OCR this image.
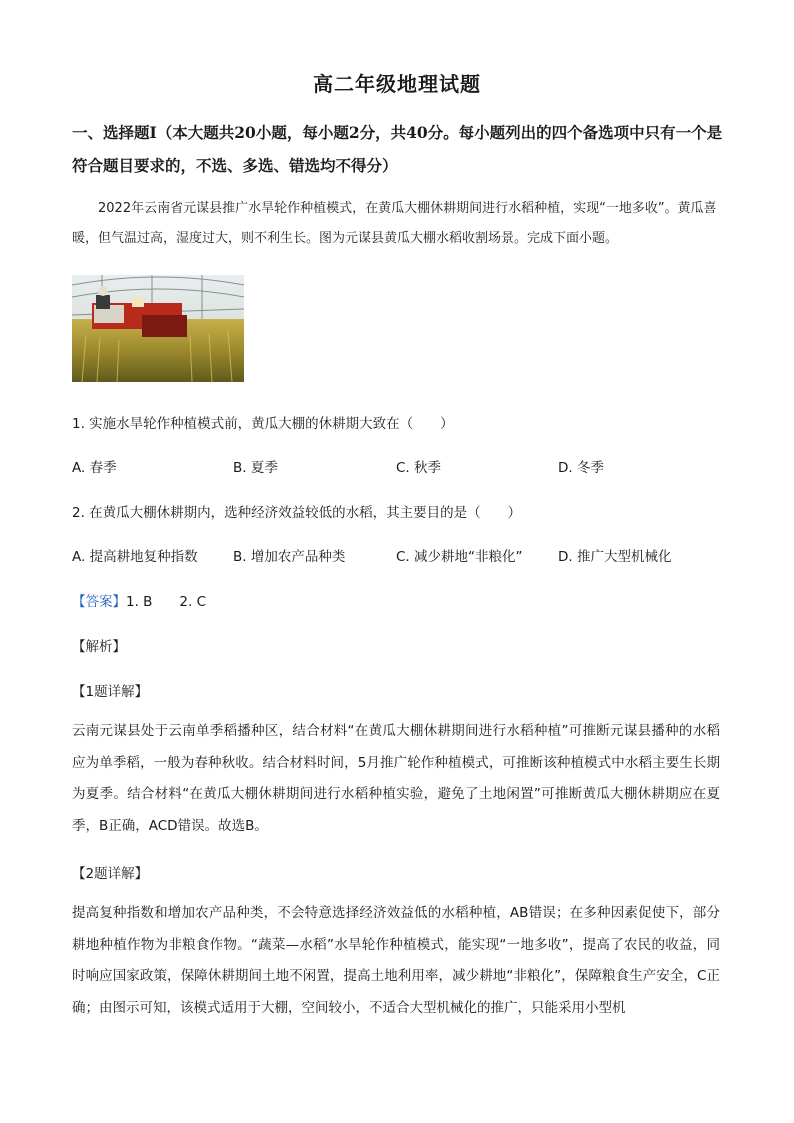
高二年级地理试题
一、选择题Ⅰ（本大题共20小题，每小题2分，共40分。每小题列出的四个备选项中只有一个是符合题目要求的，不选、多选、错选均不得分）
2022年云南省元谋县推广水旱轮作种植模式，在黄瓜大棚休耕期间进行水稻种植，实现“一地多收”。黄瓜喜暖，但气温过高，湿度过大，则不利生长。图为元谋县黄瓜大棚水稻收割场景。完成下面小题。
1. 实施水旱轮作种植模式前，黄瓜大棚的休耕期大致在（　　）
A. 春季	B. 夏季	C. 秋季	D. 冬季
2. 在黄瓜大棚休耕期内，选种经济效益较低的水稻，其主要目的是（　　）
A. 提高耕地复种指数	B. 增加农产品种类	C. 减少耕地“非粮化”	D. 推广大型机械化
【答案】1. B　　2. C
【解析】
【1题详解】
云南元谋县处于云南单季稻播种区，结合材料“在黄瓜大棚休耕期间进行水稻种植”可推断元谋县播种的水稻应为单季稻，一般为春种秋收。结合材料时间，5月推广轮作种植模式，可推断该种植模式中水稻主要生长期为夏季。结合材料“在黄瓜大棚休耕期间进行水稻种植实验，避免了土地闲置”可推断黄瓜大棚休耕期应在夏季，B正确，ACD错误。故选B。
【2题详解】
提高复种指数和增加农产品种类，不会特意选择经济效益低的水稻种植，AB错误；在多种因素促使下，部分耕地种植作物为非粮食作物。“蔬菜—水稻”水旱轮作种植模式，能实现“一地多收”，提高了农民的收益，同时响应国家政策，保障休耕期间土地不闲置，提高土地利用率，减少耕地“非粮化”，保障粮食生产安全，C正确；由图示可知，该模式适用于大棚，空间较小，不适合大型机械化的推广，只能采用小型机
